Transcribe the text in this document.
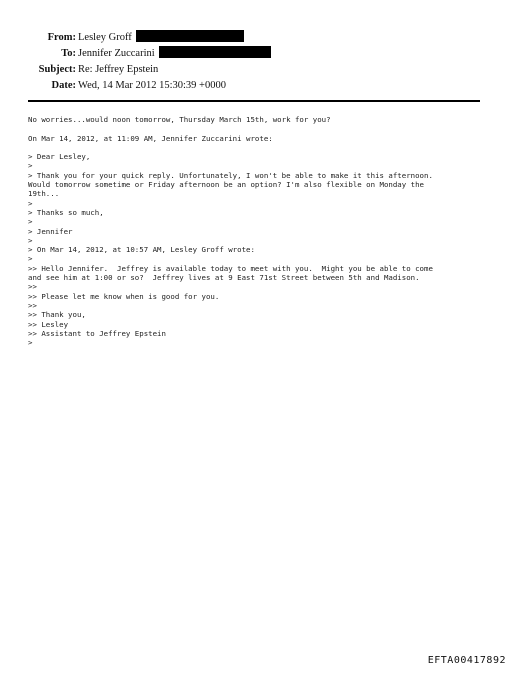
From: Lesley Groff
To: Jennifer Zuccarini
Subject: Re: Jeffrey Epstein
Date: Wed, 14 Mar 2012 15:30:39 +0000
No worries...would noon tomorrow, Thursday March 15th, work for you?

On Mar 14, 2012, at 11:09 AM, Jennifer Zuccarini wrote:

> Dear Lesley,
>
> Thank you for your quick reply. Unfortunately, I won't be able to make it this afternoon.
Would tomorrow sometime or Friday afternoon be an option? I'm also flexible on Monday the
19th...
>
> Thanks so much,
>
> Jennifer
>
> On Mar 14, 2012, at 10:57 AM, Lesley Groff wrote:
>
>> Hello Jennifer.  Jeffrey is available today to meet with you.  Might you be able to come
and see him at 1:00 or so?  Jeffrey lives at 9 East 71st Street between 5th and Madison.
>>
>> Please let me know when is good for you.
>>
>> Thank you,
>> Lesley
>> Assistant to Jeffrey Epstein
>

EFTA00417892
